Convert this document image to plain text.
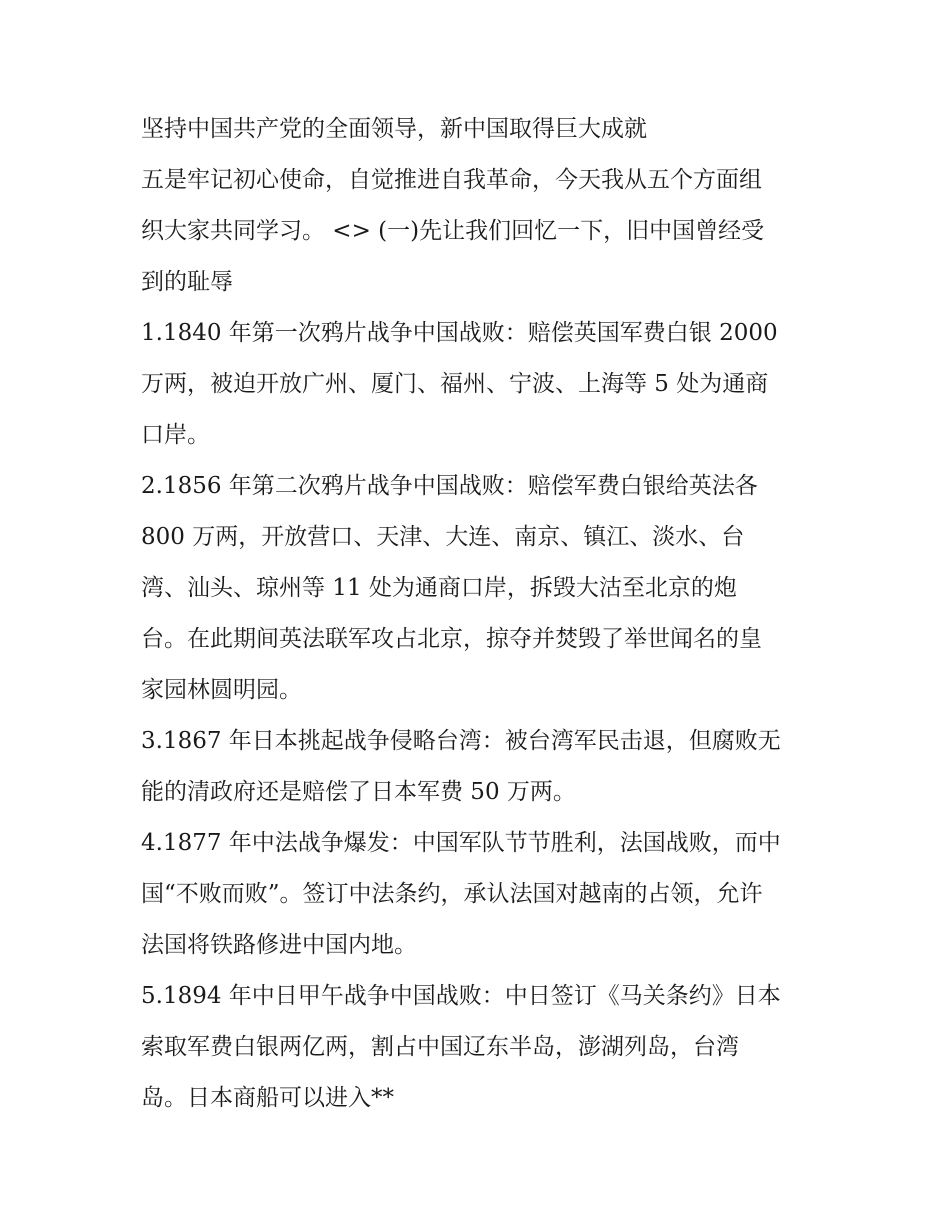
坚持中国共产党的全面领导，新中国取得巨大成就
五是牢记初心使命，自觉推进自我革命，今天我从五个方面组
织大家共同学习。 <> (一)先让我们回忆一下，旧中国曾经受
到的耻辱
1.1840 年第一次鸦片战争中国战败：赔偿英国军费白银 2000
万两，被迫开放广州、厦门、福州、宁波、上海等 5 处为通商
口岸。
2.1856 年第二次鸦片战争中国战败：赔偿军费白银给英法各
800 万两，开放营口、天津、大连、南京、镇江、淡水、台
湾、汕头、琼州等 11 处为通商口岸，拆毁大沽至北京的炮
台。在此期间英法联军攻占北京，掠夺并焚毁了举世闻名的皇
家园林圆明园。
3.1867 年日本挑起战争侵略台湾：被台湾军民击退，但腐败无
能的清政府还是赔偿了日本军费 50 万两。
4.1877 年中法战争爆发：中国军队节节胜利，法国战败，而中
国“不败而败”。签订中法条约，承认法国对越南的占领，允许
法国将铁路修进中国内地。
5.1894 年中日甲午战争中国战败：中日签订《马关条约》日本
索取军费白银两亿两，割占中国辽东半岛，澎湖列岛，台湾
岛。日本商船可以进入**
